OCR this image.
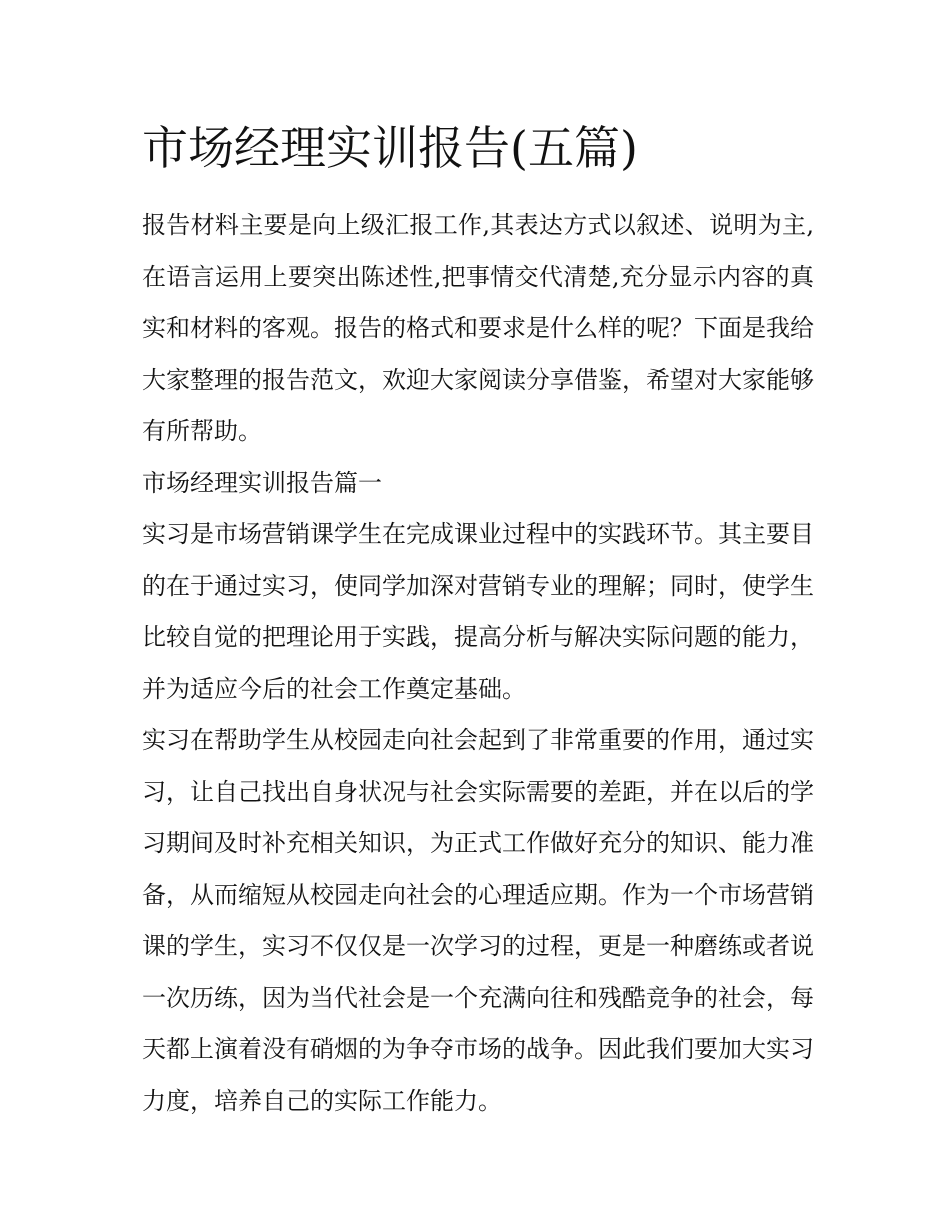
市场经理实训报告(五篇)

报告材料主要是向上级汇报工作,其表达方式以叙述、说明为主,在语言运用上要突出陈述性,把事情交代清楚,充分显示内容的真实和材料的客观。报告的格式和要求是什么样的呢？下面是我给大家整理的报告范文，欢迎大家阅读分享借鉴，希望对大家能够有所帮助。

市场经理实训报告篇一

实习是市场营销课学生在完成课业过程中的实践环节。其主要目的在于通过实习，使同学加深对营销专业的理解；同时，使学生比较自觉的把理论用于实践，提高分析与解决实际问题的能力，并为适应今后的社会工作奠定基础。

实习在帮助学生从校园走向社会起到了非常重要的作用，通过实习，让自己找出自身状况与社会实际需要的差距，并在以后的学习期间及时补充相关知识，为正式工作做好充分的知识、能力准备，从而缩短从校园走向社会的心理适应期。作为一个市场营销课的学生，实习不仅仅是一次学习的过程，更是一种磨练或者说一次历练，因为当代社会是一个充满向往和残酷竞争的社会，每天都上演着没有硝烟的为争夺市场的战争。因此我们要加大实习力度，培养自己的实际工作能力。
